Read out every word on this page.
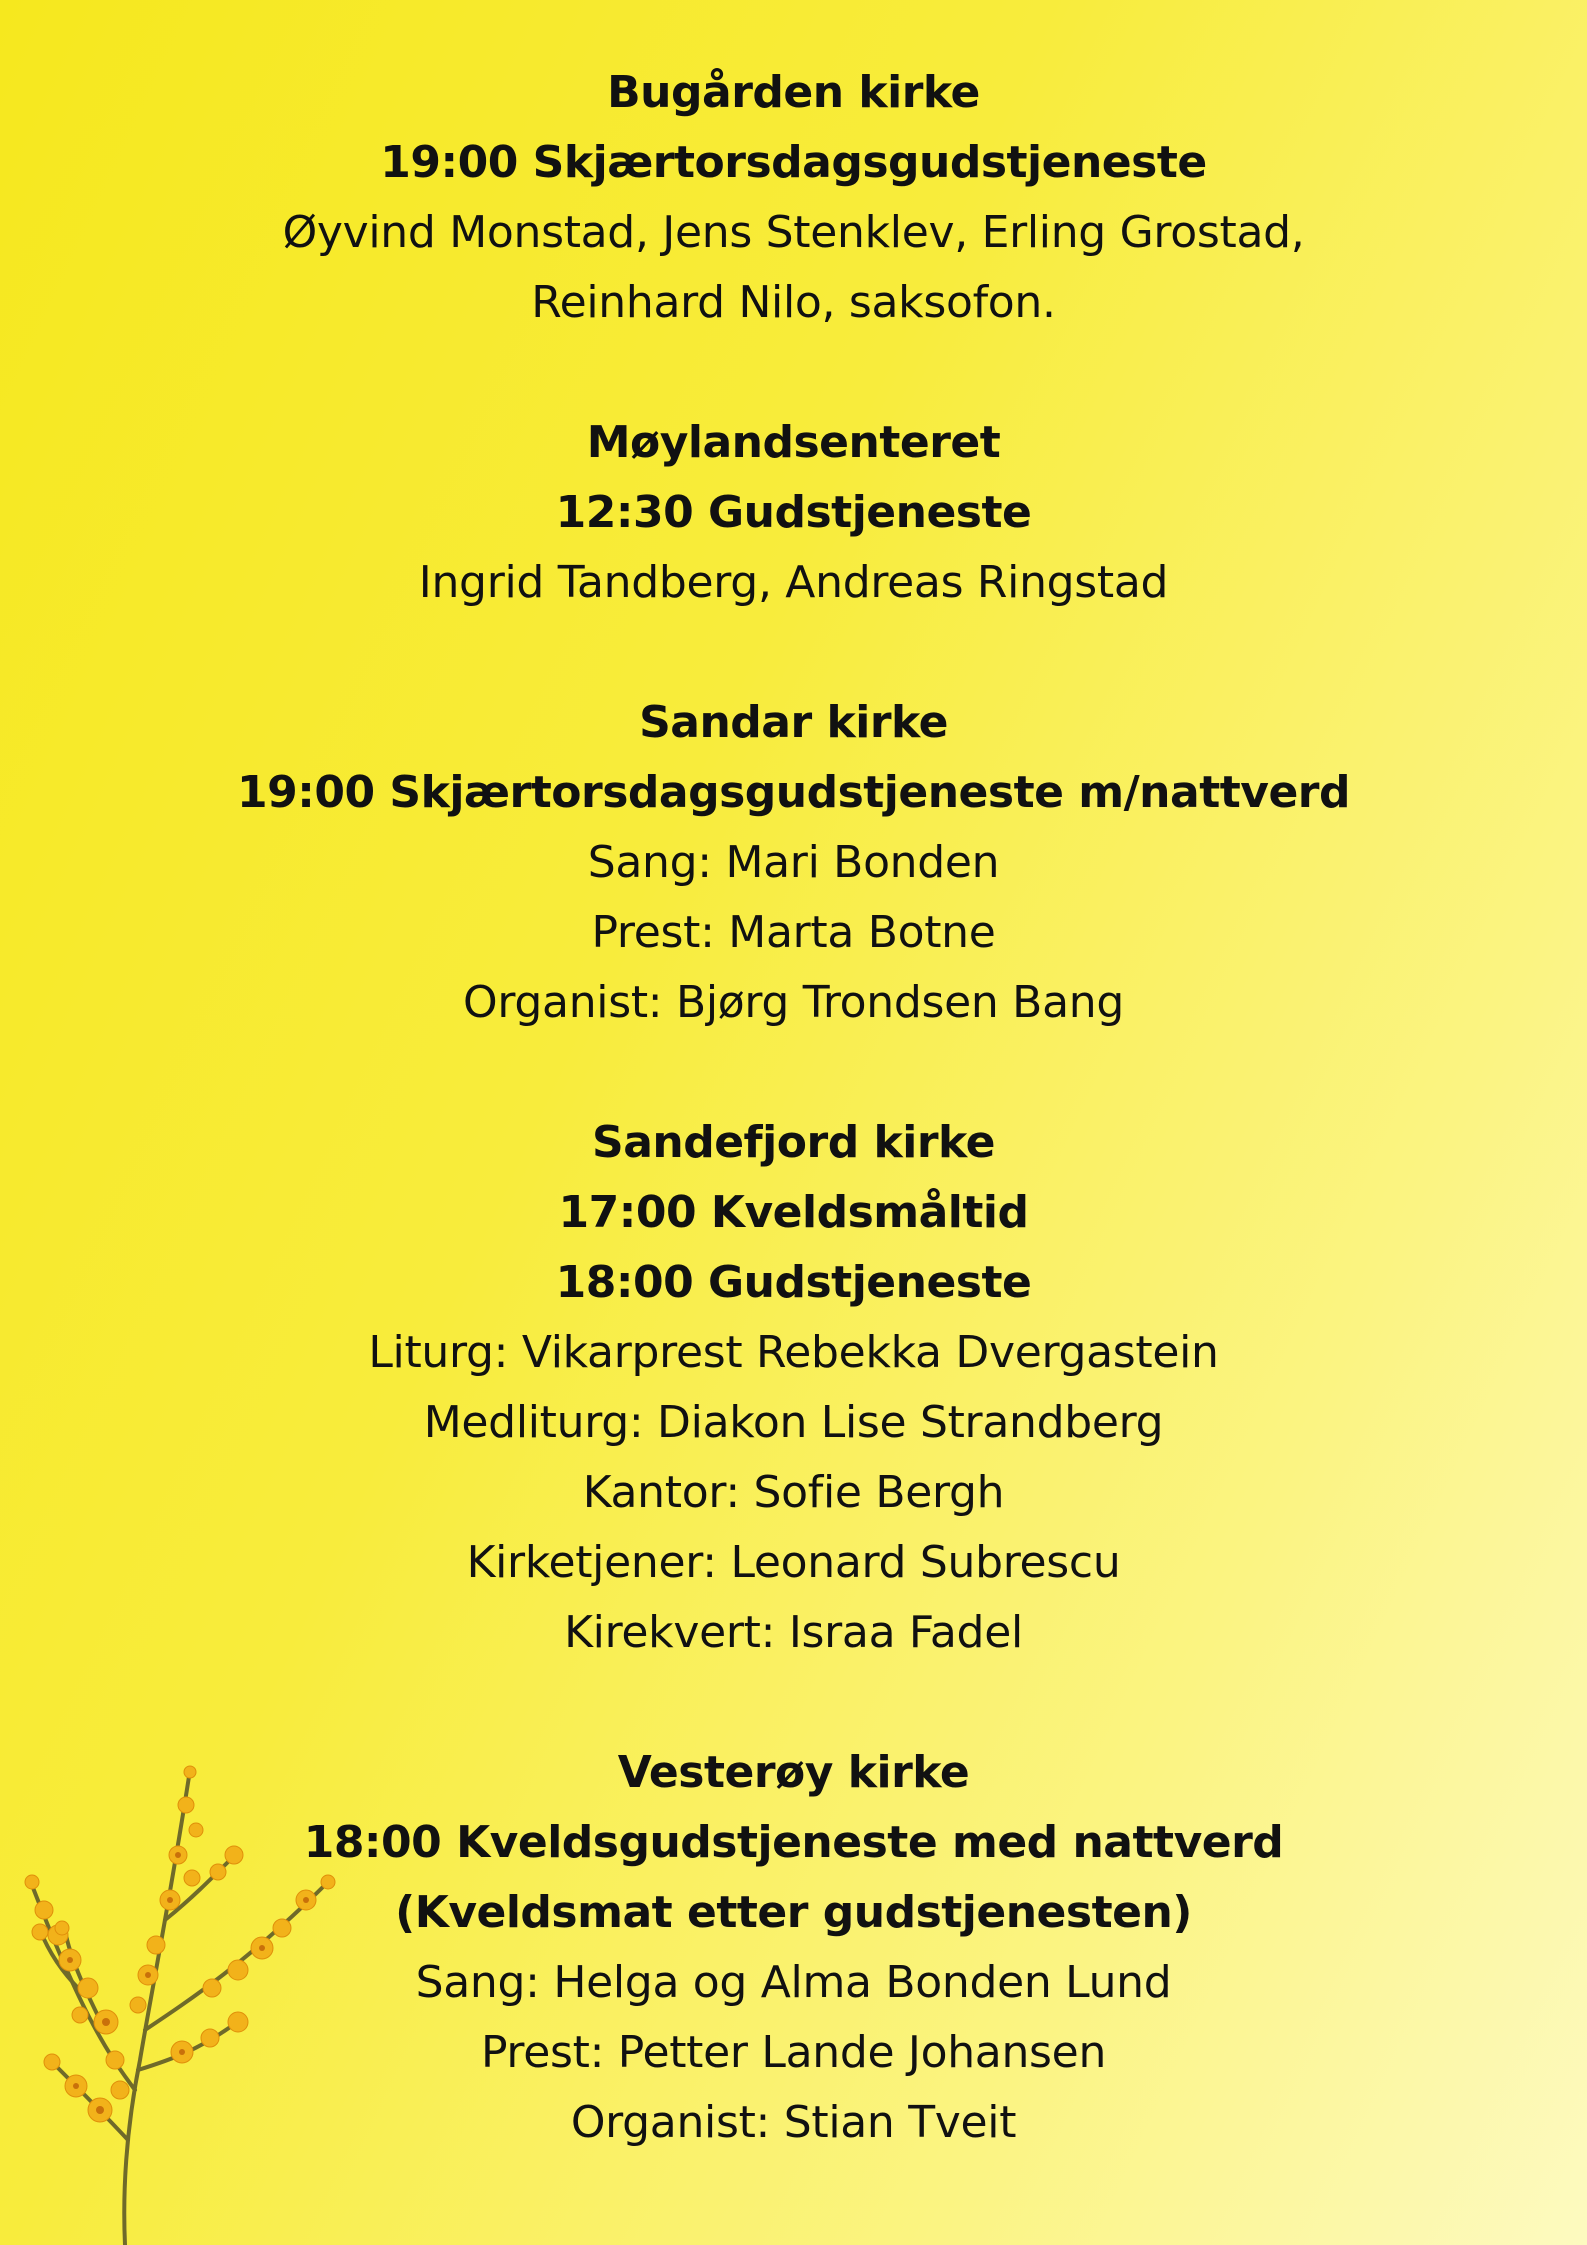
Bugården kirke
19:00 Skjærtorsdagsgudstjeneste
Øyvind Monstad, Jens Stenklev, Erling Grostad,
Reinhard Nilo, saksofon.
Møylandsenteret
12:30 Gudstjeneste
Ingrid Tandberg, Andreas Ringstad
Sandar kirke
19:00 Skjærtorsdagsgudstjeneste m/nattverd
Sang: Mari Bonden
Prest: Marta Botne
Organist: Bjørg Trondsen Bang
Sandefjord kirke
17:00 Kveldsmåltid
18:00 Gudstjeneste
Liturg: Vikarprest Rebekka Dvergastein
Medliturg: Diakon Lise Strandberg
Kantor: Sofie Bergh
Kirketjener: Leonard Subrescu
Kirekvert: Israa Fadel
Vesterøy kirke
18:00 Kveldsgudstjeneste med nattverd
(Kveldsmat etter gudstjenesten)
Sang: Helga og Alma Bonden Lund
Prest: Petter Lande Johansen
Organist: Stian Tveit
